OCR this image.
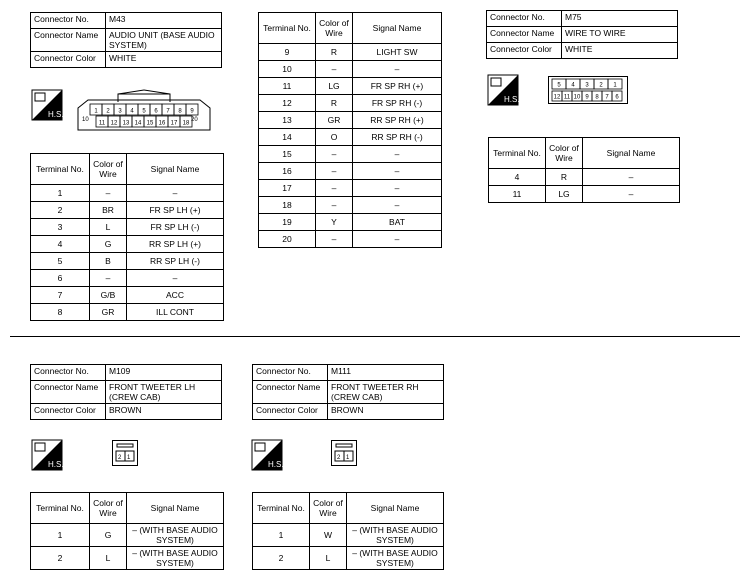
Connector No.	M43
Connector Name	AUDIO UNIT (BASE AUDIO SYSTEM)
Connector Color	WHITE
H.S.	1 2 3 4 5 6 7 8 9
11 12 13 14 15 16 17 18
10	20
Terminal No.	Color of Wire	Signal Name
1	–	–
2	BR	FR SP LH (+)
3	L	FR SP LH (-)
4	G	RR SP LH (+)
5	B	RR SP LH (-)
6	–	–
7	G/B	ACC
8	GR	ILL CONT
Terminal No.	Color of Wire	Signal Name
9	R	LIGHT SW
10	–	–
11	LG	FR SP RH (+)
12	R	FR SP RH (-)
13	GR	RR SP RH (+)
14	O	RR SP RH (-)
15	–	–
16	–	–
17	–	–
18	–	–
19	Y	BAT
20	–	–
Connector No.	M75
Connector Name	WIRE TO WIRE
Connector Color	WHITE
H.S.
5 4 3 2 1
12 11 10 9 8 7 6
Terminal No.	Color of Wire	Signal Name
4	R	–
11	LG	–
Connector No.	M109
Connector Name	FRONT TWEETER LH (CREW CAB)
Connector Color	BROWN
H.S.
2 1
Terminal No.	Color of Wire	Signal Name
1	G	– (WITH BASE AUDIO SYSTEM)
2	L	– (WITH BASE AUDIO SYSTEM)
Connector No.	M111
Connector Name	FRONT TWEETER RH (CREW CAB)
Connector Color	BROWN
H.S.
2 1
Terminal No.	Color of Wire	Signal Name
1	W	– (WITH BASE AUDIO SYSTEM)
2	L	– (WITH BASE AUDIO SYSTEM)
